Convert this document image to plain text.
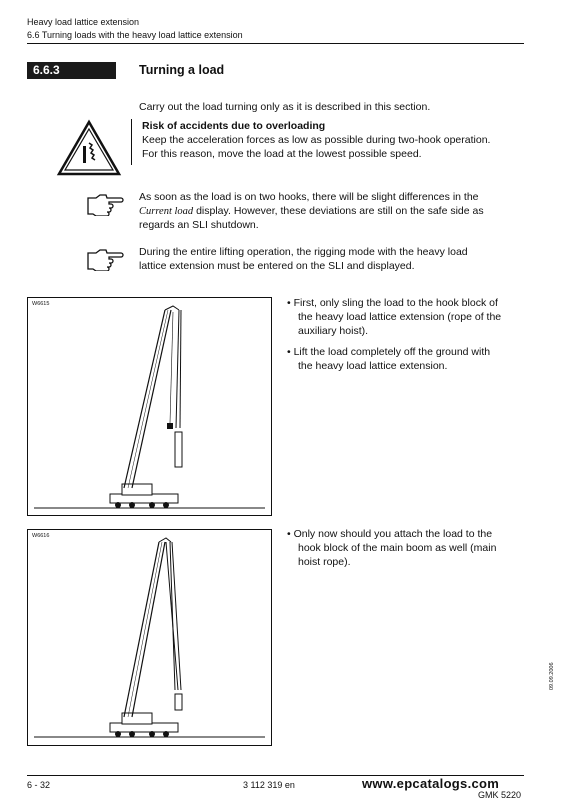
Heavy load lattice extension
6.6 Turning loads with the heavy load lattice extension
6.6.3	Turning a load
Carry out the load turning only as it is described in this section.
Risk of accidents due to overloading
Keep the acceleration forces as low as possible during two-hook operation.
For this reason, move the load at the lowest possible speed.
As soon as the load is on two hooks, there will be slight differences in the
Current load display. However, these deviations are still on the safe side as
regards an SLI shutdown.
During the entire lifting operation, the rigging mode with the heavy load
lattice extension must be entered on the SLI and displayed.
W6615	• First, only sling the load to the hook block of
the heavy load lattice extension (rope of the
auxiliary hoist).
• Lift the load completely off the ground with
the heavy load lattice extension.
W6616	• Only now should you attach the load to the
hook block of the main boom as well (main
hoist rope).
09.09.2006
6 - 32	3 112 319 en	www.epcatalogs.com
GMK 5220
